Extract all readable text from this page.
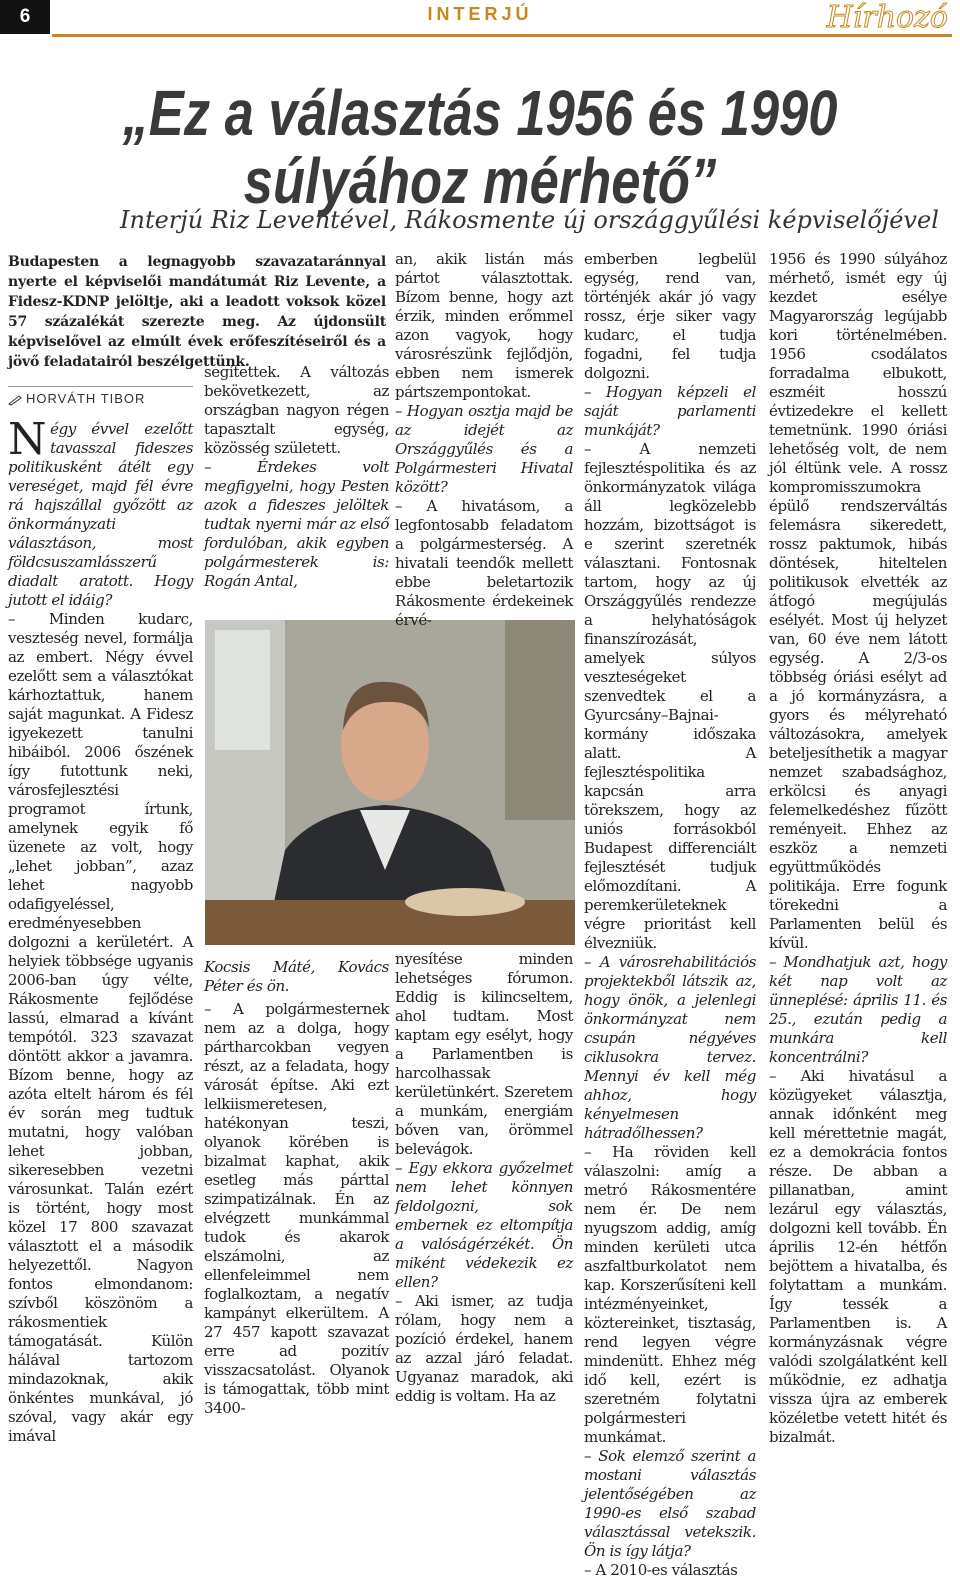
6	INTERJÚ	Hírhozó
„Ez a választás 1956 és 1990
súlyához mérhető”
Interjú Riz Leventével, Rákosmente új országgyűlési képviselőjével
Budapesten a legnagyobb szavazataránnyal nyerte el képviselői mandátumát Riz Levente, a Fidesz-KDNP jelöltje, aki a leadott voksok közel 57 százalékát szerezte meg. Az újdonsült képviselővel az elmúlt évek erőfeszítéseiről és a jövő feladatairól beszélgettünk.
HORVÁTH TIBOR

Négy évvel ezelőtt tavasszal fideszes politikusként átélt egy vereséget, majd fél évre rá hajszállal győzött az önkormányzati választáson, most földcsuszamlásszerű diadalt aratott. Hogy jutott el idáig?

– Minden kudarc, veszteség nevel, formálja az embert. Négy évvel ezelőtt sem a választókat kárhoztattuk, hanem saját magunkat. A Fidesz igyekezett tanulni hibáiból. 2006 őszének így futottunk neki, városfejlesztési programot írtunk, amelynek egyik fő üzenete az volt, hogy „lehet jobban”, azaz lehet nagyobb odafigyeléssel, eredményesebben dolgozni a kerületért. A helyiek többsége ugyanis 2006-ban úgy vélte, Rákosmente fejlődése lassú, elmarad a kívánt tempótól. 323 szavazat döntött akkor a javamra. Bízom benne, hogy az azóta eltelt három és fél év során meg tudtuk mutatni, hogy valóban lehet jobban, sikeresebben vezetni városunkat. Talán ezért is történt, hogy most közel 17 800 szavazat választott el a második helyezettől. Nagyon fontos elmondanom: szívből köszönöm a rákosmentiek támogatását. Külön hálával tartozom mindazoknak, akik önkéntes munkával, jó szóval, vagy akár egy imával

segítettek. A változás bekövetkezett, az országban nagyon régen tapasztalt egység, közösség született.

– Érdekes volt megfigyelni, hogy Pesten azok a fideszes jelöltek tudtak nyerni már az első fordulóban, akik egyben polgármesterek is: Rogán Antal,

Kocsis Máté, Kovács Péter és ön.

– A polgármesternek nem az a dolga, hogy pártharcokban vegyen részt, az a feladata, hogy városát építse. Aki ezt lelkiismeretesen, hatékonyan teszi, olyanok körében is bizalmat kaphat, akik esetleg más párttal szimpatizálnak. Én az elvégzett munkámmal tudok és akarok elszámolni, az ellenfeleimmel nem foglalkoztam, a negatív kampányt elkerültem. A 27 457 kapott szavazat erre ad pozitív visszacsatolást. Olyanok is támogattak, több mint 3400-

an, akik listán más pártot választottak. Bízom benne, hogy azt érzik, minden erőmmel azon vagyok, hogy városrészünk fejlődjön, ebben nem ismerek pártszempontokat.

– Hogyan osztja majd be az idejét az Országgyűlés és a Polgármesteri Hivatal között?

– A hivatásom, a legfontosabb feladatom a polgármesterség. A hivatali teendők mellett ebbe beletartozik Rákosmente érdekeinek érvé-

nyesítése minden lehetséges fórumon. Eddig is kilincseltem, ahol tudtam. Most kaptam egy esélyt, hogy a Parlamentben is harcolhassak kerületünkért. Szeretem a munkám, energiám bőven van, örömmel belevágok.

– Egy ekkora győzelmet nem lehet könnyen feldolgozni, sok embernek ez eltompítja a valóságérzékét. Ön miként védekezik ez ellen?

– Aki ismer, az tudja rólam, hogy nem a pozíció érdekel, hanem az azzal járó feladat. Ugyanaz maradok, aki eddig is voltam. Ha az

emberben legbelül egység, rend van, történjék akár jó vagy rossz, érje siker vagy kudarc, el tudja fogadni, fel tudja dolgozni.

– Hogyan képzeli el saját parlamenti munkáját?

– A nemzeti fejlesztéspolitika és az önkormányzatok világa áll legközelebb hozzám, bizottságot is e szerint szeretnék választani. Fontosnak tartom, hogy az új Országgyűlés rendezze a helyhatóságok finanszírozását, amelyek súlyos veszteségeket szenvedtek el a Gyurcsány–Bajnai-kormány időszaka alatt. A fejlesztéspolitika kapcsán arra törekszem, hogy az uniós forrásokból Budapest differenciált fejlesztését tudjuk előmozdítani. A peremkerületeknek végre prioritást kell élvezniük.

– A városrehabilitációs projektekből látszik az, hogy önök, a jelenlegi önkormányzat nem csupán négyéves ciklusokra tervez. Mennyi év kell még ahhoz, hogy kényelmesen hátradőlhessen?

– Ha röviden kell válaszolni: amíg a metró Rákosmentére nem ér. De nem nyugszom addig, amíg minden kerületi utca aszfaltburkolatot nem kap. Korszerűsíteni kell intézményeinket, köztereinket, tisztaság, rend legyen végre mindenütt. Ehhez még idő kell, ezért is szeretném folytatni polgármesteri munkámat.

– Sok elemző szerint a mostani választás jelentőségében az 1990-es első szabad választással vetekszik. Ön is így látja?

– A 2010-es választás

1956 és 1990 súlyához mérhető, ismét egy új kezdet esélye Magyarország legújabb kori történelmében. 1956 csodálatos forradalma elbukott, eszméit hosszú évtizedekre el kellett temetnünk. 1990 óriási lehetőség volt, de nem jól éltünk vele. A rossz kompromisszumokra épülő rendszerváltás felemásra sikeredett, rossz paktumok, hibás döntések, hiteltelen politikusok elvették az átfogó megújulás esélyét. Most új helyzet van, 60 éve nem látott egység. A 2/3-os többség óriási esélyt ad a jó kormányzásra, a gyors és mélyreható változásokra, amelyek beteljesíthetik a magyar nemzet szabadsághoz, erkölcsi és anyagi felemelkedéshez fűzött reményeit. Ehhez az eszköz a nemzeti együttműködés politikája. Erre fogunk törekedni a Parlamenten belül és kívül.

– Mondhatjuk azt, hogy két nap volt az ünneplésé: április 11. és 25., ezután pedig a munkára kell koncentrálni?

– Aki hivatásul a közügyeket választja, annak időnként meg kell mérettetnie magát, ez a demokrácia fontos része. De abban a pillanatban, amint lezárul egy választás, dolgozni kell tovább. Én április 12-én hétfőn bejöttem a hivatalba, és folytattam a munkám. Így tessék a Parlamentben is. A kormányzásnak végre valódi szolgálatként kell működnie, ez adhatja vissza újra az emberek közéletbe vetett hitét és bizalmát.
